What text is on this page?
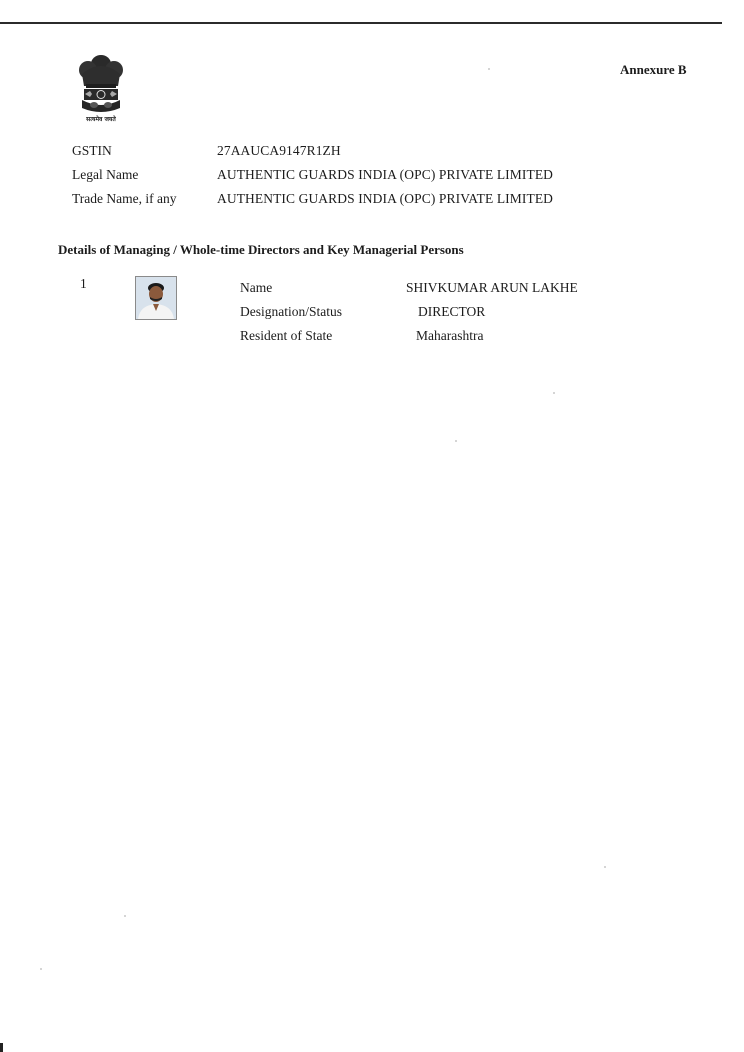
सत्यमेव जयते
Annexure B
GSTIN	27AAUCA9147R1ZH
Legal Name	AUTHENTIC GUARDS INDIA (OPC) PRIVATE LIMITED
Trade Name, if any	AUTHENTIC GUARDS INDIA (OPC) PRIVATE LIMITED
Details of Managing / Whole-time Directors and Key Managerial Persons
1	Name	SHIVKUMAR ARUN LAKHE
Designation/Status	DIRECTOR
Resident of State	Maharashtra
